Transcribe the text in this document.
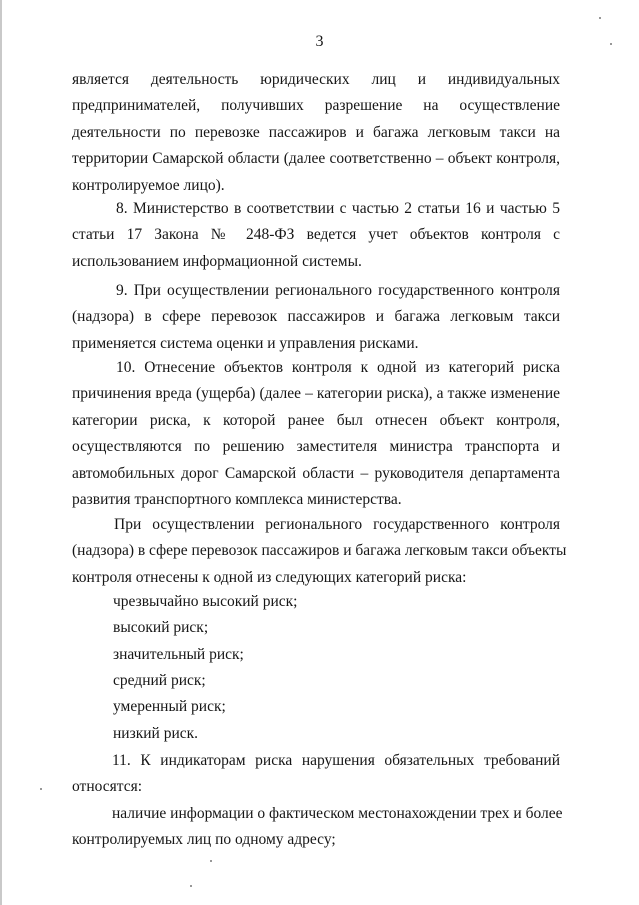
3
является деятельность юридических лиц и индивидуальных
предпринимателей, получивших разрешение на осуществление
деятельности по перевозке пассажиров и багажа легковым такси на
территории Самарской области (далее соответственно – объект контроля,
контролируемое лицо).
8. Министерство в соответствии с частью 2 статьи 16 и частью 5
статьи 17 Закона № 248-ФЗ ведется учет объектов контроля с
использованием информационной системы.
9. При осуществлении регионального государственного контроля
(надзора) в сфере перевозок пассажиров и багажа легковым такси
применяется система оценки и управления рисками.
10. Отнесение объектов контроля к одной из категорий риска
причинения вреда (ущерба) (далее – категории риска), а также изменение
категории риска, к которой ранее был отнесен объект контроля,
осуществляются по решению заместителя министра транспорта и
автомобильных дорог Самарской области – руководителя департамента
развития транспортного комплекса министерства.
При осуществлении регионального государственного контроля
(надзора) в сфере перевозок пассажиров и багажа легковым такси объекты
контроля отнесены к одной из следующих категорий риска:
чрезвычайно высокий риск;
высокий риск;
значительный риск;
средний риск;
умеренный риск;
низкий риск.
11. К индикаторам риска нарушения обязательных требований
относятся:
наличие информации о фактическом местонахождении трех и более
контролируемых лиц по одному адресу;
